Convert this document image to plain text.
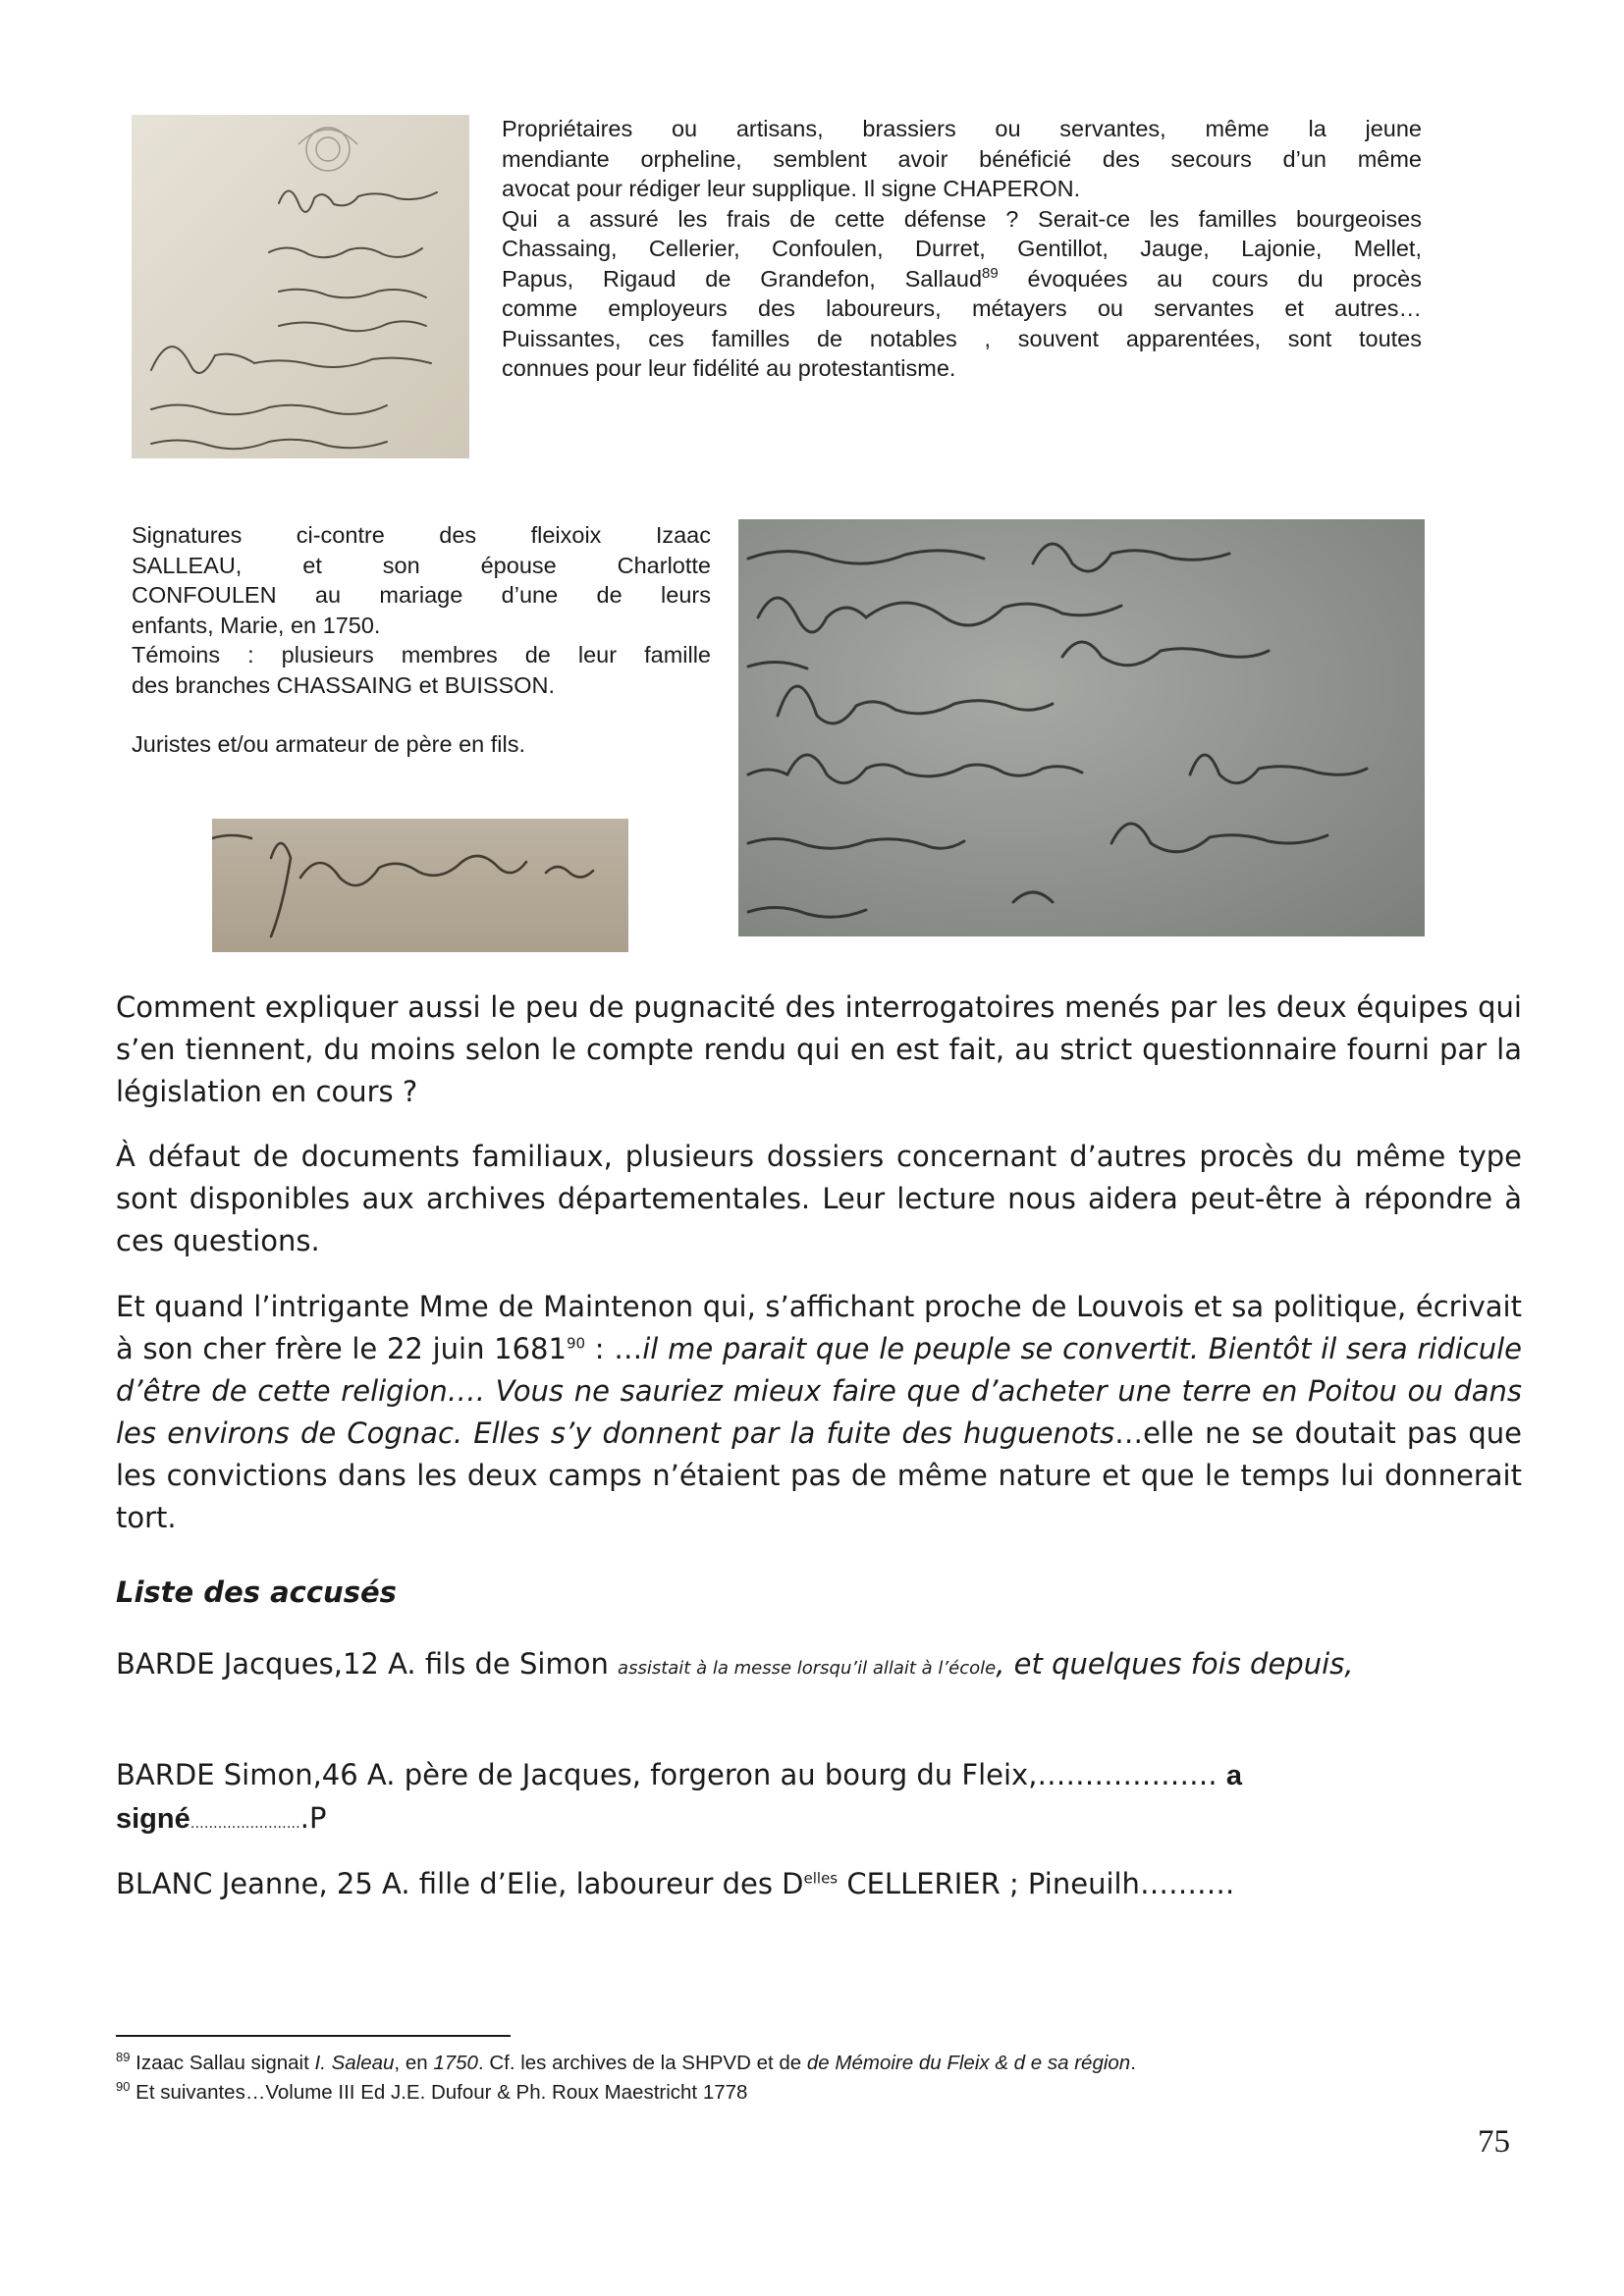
Propriétaires ou artisans, brassiers ou servantes, même la jeune
mendiante orpheline, semblent avoir bénéficié des secours d’un même
avocat pour rédiger leur supplique. Il signe CHAPERON.
Qui a assuré les frais de cette défense ? Serait-ce les familles bourgeoises
Chassaing, Cellerier, Confoulen, Durret, Gentillot, Jauge, Lajonie, Mellet,
Papus, Rigaud de Grandefon, Sallaud$^{89}$ évoquées au cours du procès
comme employeurs des laboureurs, métayers ou servantes et autres…
Puissantes, ces familles de notables , souvent apparentées, sont toutes
connues pour leur fidélité au protestantisme.
Signatures ci-contre des fleixoix Izaac
SALLEAU, et son épouse Charlotte
CONFOULEN au mariage d’une de leurs
enfants, Marie, en 1750.
Témoins : plusieurs membres de leur famille
des branches CHASSAING et BUISSON.
Juristes et/ou armateur de père en fils.

Comment expliquer aussi le peu de pugnacité des interrogatoires menés par les deux équipes qui s’en tiennent, du moins selon le compte rendu qui en est fait, au strict questionnaire fourni par la législation en cours ?

À défaut de documents familiaux, plusieurs dossiers concernant d’autres procès du même type sont disponibles aux archives départementales. Leur lecture nous aidera peut-être à répondre à ces questions.

Et quand l’intrigante Mme de Maintenon qui, s’affichant proche de Louvois et sa politique, écrivait à son cher frère le 22 juin 1681$^{90}$ : …il me parait que le peuple se convertit. Bientôt il sera ridicule d’être de cette religion…. Vous ne sauriez mieux faire que d’acheter une terre en Poitou ou dans les environs de Cognac. Elles s’y donnent par la fuite des huguenots…elle ne se doutait pas que les convictions dans les deux camps n’étaient pas de même nature et que le temps lui donnerait tort.

Liste des accusés

BARDE Jacques,12 A. fils de Simon assistait à la messe lorsqu’il allait à l’école, et quelques fois depuis,

BARDE Simon,46 A. père de Jacques, forgeron au bourg du Fleix,………………. a signé…………………….P

BLANC Jeanne, 25 A. fille d’Elie, laboureur des $D^{elles}$ CELLERIER ; Pineuilh……….

$^{89}$ Izaac Sallau signait I. Saleau, en 1750. Cf. les archives de la SHPVD et de de Mémoire du Fleix & d e sa région.
$^{90}$ Et suivantes…Volume III Ed J.E. Dufour & Ph. Roux Maestricht 1778
75
